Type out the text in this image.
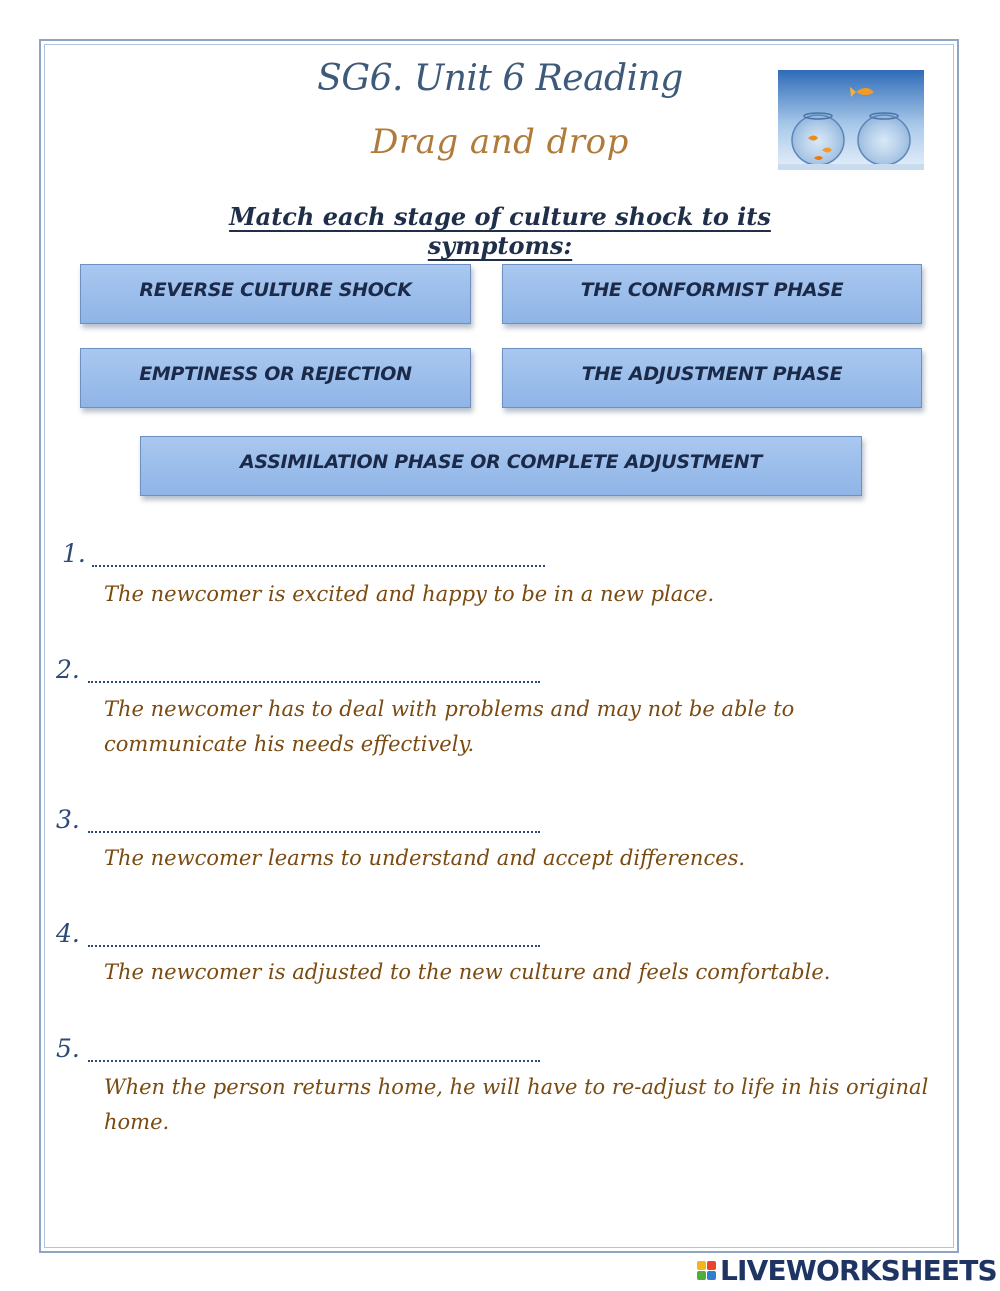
SG6. Unit 6 Reading
Drag and drop
Match each stage of culture shock to its symptoms:
REVERSE CULTURE SHOCK	THE CONFORMIST PHASE
EMPTINESS OR REJECTION	THE ADJUSTMENT PHASE
ASSIMILATION PHASE OR COMPLETE ADJUSTMENT
1.
The newcomer is excited and happy to be in a new place.
2.
The newcomer has to deal with problems and may not be able to communicate his needs effectively.
3.
The newcomer learns to understand and accept differences.
4.
The newcomer is adjusted to the new culture and feels comfortable.
5.
When the person returns home, he will have to re-adjust to life in his original home.
LIVEWORKSHEETS
